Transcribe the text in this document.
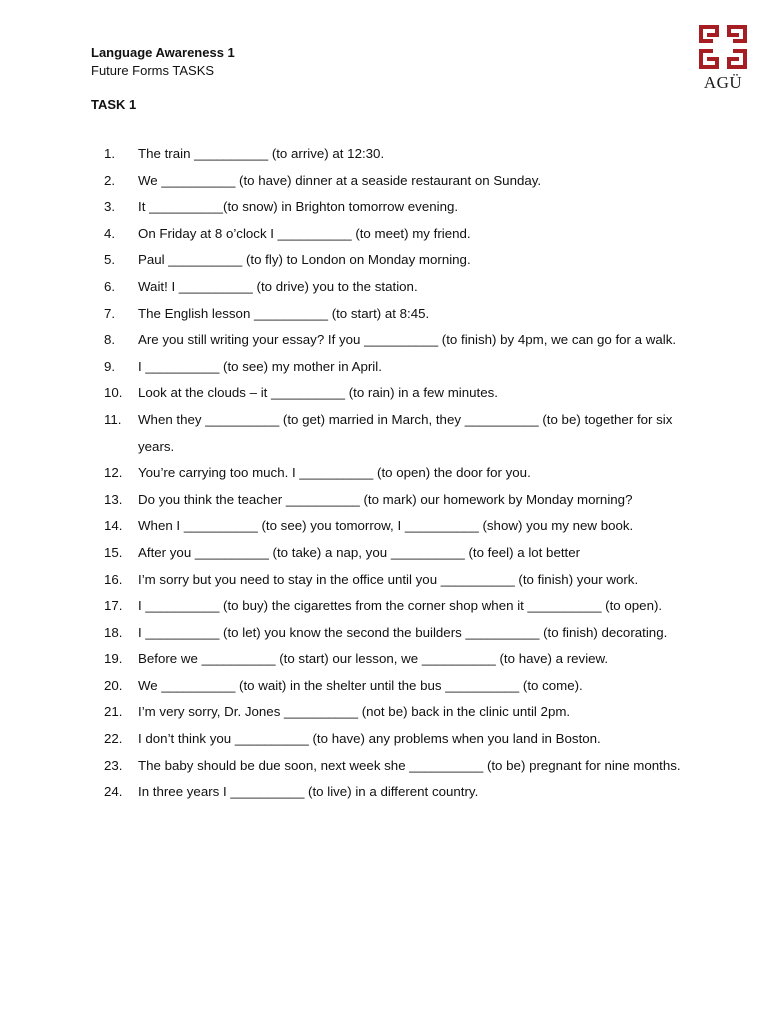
Language Awareness 1
Future Forms TASKS
TASK 1
AGÜ
1.	The train __________ (to arrive) at 12:30.
2.	We __________ (to have) dinner at a seaside restaurant on Sunday.
3.	It __________(to snow) in Brighton tomorrow evening.
4.	On Friday at 8 o’clock I __________ (to meet) my friend.
5.	Paul __________ (to fly) to London on Monday morning.
6.	Wait! I __________ (to drive) you to the station.
7.	The English lesson __________ (to start) at 8:45.
8.	Are you still writing your essay? If you __________ (to finish) by 4pm, we can go for a walk.
9.	I __________ (to see) my mother in April.
10.	Look at the clouds – it __________ (to rain) in a few minutes.
11.	When they __________ (to get) married in March, they __________ (to be) together for six years.
12.	You’re carrying too much. I __________ (to open) the door for you.
13.	Do you think the teacher __________ (to mark) our homework by Monday morning?
14.	When I __________ (to see) you tomorrow, I __________ (show) you my new book.
15.	After you __________ (to take) a nap, you __________ (to feel) a lot better
16.	I’m sorry but you need to stay in the office until you __________ (to finish) your work.
17.	I __________ (to buy) the cigarettes from the corner shop when it __________ (to open).
18.	I __________ (to let) you know the second the builders __________ (to finish) decorating.
19.	Before we __________ (to start) our lesson, we __________ (to have) a review.
20.	We __________ (to wait) in the shelter until the bus __________ (to come).
21.	I’m very sorry, Dr. Jones __________ (not be) back in the clinic until 2pm.
22.	I don’t think you __________ (to have) any problems when you land in Boston.
23.	The baby should be due soon, next week she __________ (to be) pregnant for nine months.
24.	In three years I __________ (to live) in a different country.
